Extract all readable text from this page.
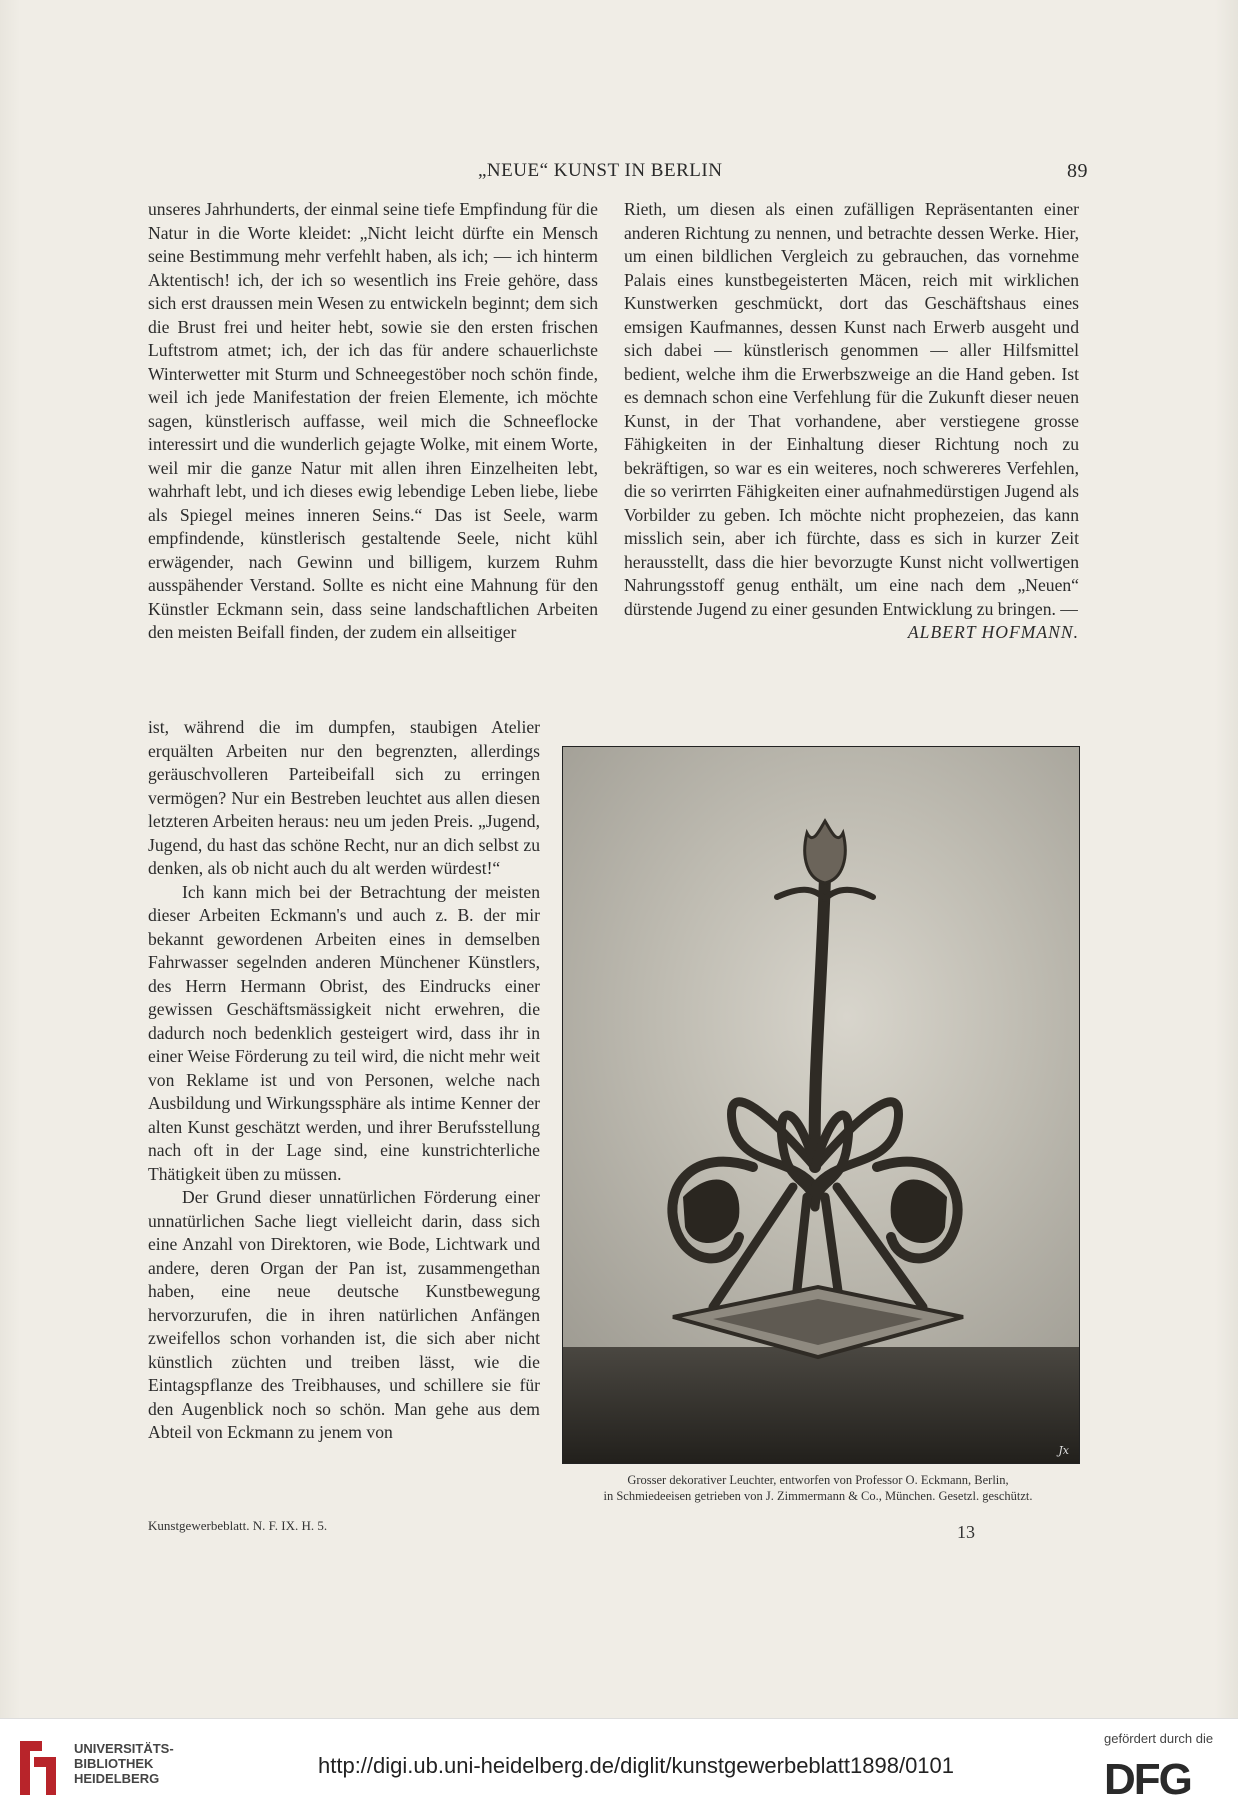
„NEUE“ KUNST IN BERLIN	89

unseres Jahrhunderts, der einmal seine tiefe Empfindung für die Natur in die Worte kleidet: „Nicht leicht dürfte ein Mensch seine Bestimmung mehr verfehlt haben, als ich; — ich hinterm Aktentisch! ich, der ich so wesentlich ins Freie gehöre, dass sich erst draussen mein Wesen zu entwickeln beginnt; dem sich die Brust frei und heiter hebt, sowie sie den ersten frischen Luftstrom atmet; ich, der ich das für andere schauerlichste Winterwetter mit Sturm und Schneegestöber noch schön finde, weil ich jede Manifestation der freien Elemente, ich möchte sagen, künstlerisch auffasse, weil mich die Schneeflocke interessirt und die wunderlich gejagte Wolke, mit einem Worte, weil mir die ganze Natur mit allen ihren Einzelheiten lebt, wahrhaft lebt, und ich dieses ewig lebendige Leben liebe, liebe als Spiegel meines inneren Seins.“ Das ist Seele, warm empfindende, künstlerisch gestaltende Seele, nicht kühl erwägender, nach Gewinn und billigem, kurzem Ruhm ausspähender Verstand. Sollte es nicht eine Mahnung für den Künstler Eckmann sein, dass seine landschaftlichen Arbeiten den meisten Beifall finden, der zudem ein allseitiger

ist, während die im dumpfen, staubigen Atelier erquälten Arbeiten nur den begrenzten, allerdings geräuschvolleren Parteibeifall sich zu erringen vermögen? Nur ein Bestreben leuchtet aus allen diesen letzteren Arbeiten heraus: neu um jeden Preis. „Jugend, Jugend, du hast das schöne Recht, nur an dich selbst zu denken, als ob nicht auch du alt werden würdest!“

Ich kann mich bei der Betrachtung der meisten dieser Arbeiten Eckmann's und auch z. B. der mir bekannt gewordenen Arbeiten eines in demselben Fahrwasser segelnden anderen Münchener Künstlers, des Herrn Hermann Obrist, des Eindrucks einer gewissen Geschäftsmässigkeit nicht erwehren, die dadurch noch bedenklich gesteigert wird, dass ihr in einer Weise Förderung zu teil wird, die nicht mehr weit von Reklame ist und von Personen, welche nach Ausbildung und Wirkungssphäre als intime Kenner der alten Kunst geschätzt werden, und ihrer Berufsstellung nach oft in der Lage sind, eine kunstrichterliche Thätigkeit üben zu müssen.

Der Grund dieser unnatürlichen Förderung einer unnatürlichen Sache liegt vielleicht darin, dass sich eine Anzahl von Direktoren, wie Bode, Lichtwark und andere, deren Organ der Pan ist, zusammengethan haben, eine neue deutsche Kunstbewegung hervorzurufen, die in ihren natürlichen Anfängen zweifellos schon vorhanden ist, die sich aber nicht künstlich züchten und treiben lässt, wie die Eintagspflanze des Treibhauses, und schillere sie für den Augenblick noch so schön. Man gehe aus dem Abteil von Eckmann zu jenem von

Rieth, um diesen als einen zufälligen Repräsentanten einer anderen Richtung zu nennen, und betrachte dessen Werke. Hier, um einen bildlichen Vergleich zu gebrauchen, das vornehme Palais eines kunstbegeisterten Mäcen, reich mit wirklichen Kunstwerken geschmückt, dort das Geschäftshaus eines emsigen Kaufmannes, dessen Kunst nach Erwerb ausgeht und sich dabei — künstlerisch genommen — aller Hilfsmittel bedient, welche ihm die Erwerbszweige an die Hand geben. Ist es demnach schon eine Verfehlung für die Zukunft dieser neuen Kunst, in der That vorhandene, aber verstiegene grosse Fähigkeiten in der Einhaltung dieser Richtung noch zu bekräftigen, so war es ein weiteres, noch schwereres Verfehlen, die so verirrten Fähigkeiten einer aufnahmedürstigen Jugend als Vorbilder zu geben. Ich möchte nicht prophezeien, das kann misslich sein, aber ich fürchte, dass es sich in kurzer Zeit herausstellt, dass die hier bevorzugte Kunst nicht vollwertigen Nahrungsstoff genug enthält, um eine nach dem „Neuen“ dürstende Jugend zu einer gesunden Entwicklung zu bringen. —

ALBERT HOFMANN.
Jx
Grosser dekorativer Leuchter, entworfen von Professor O. Eckmann, Berlin,
in Schmiedeeisen getrieben von J. Zimmermann & Co., München. Gesetzl. geschützt.
Kunstgewerbeblatt. N. F. IX. H. 5.	13
UNIVERSITÄTS-
BIBLIOTHEK
HEIDELBERG
http://digi.ub.uni-heidelberg.de/diglit/kunstgewerbeblatt1898/0101
gefördert durch die
DFG
